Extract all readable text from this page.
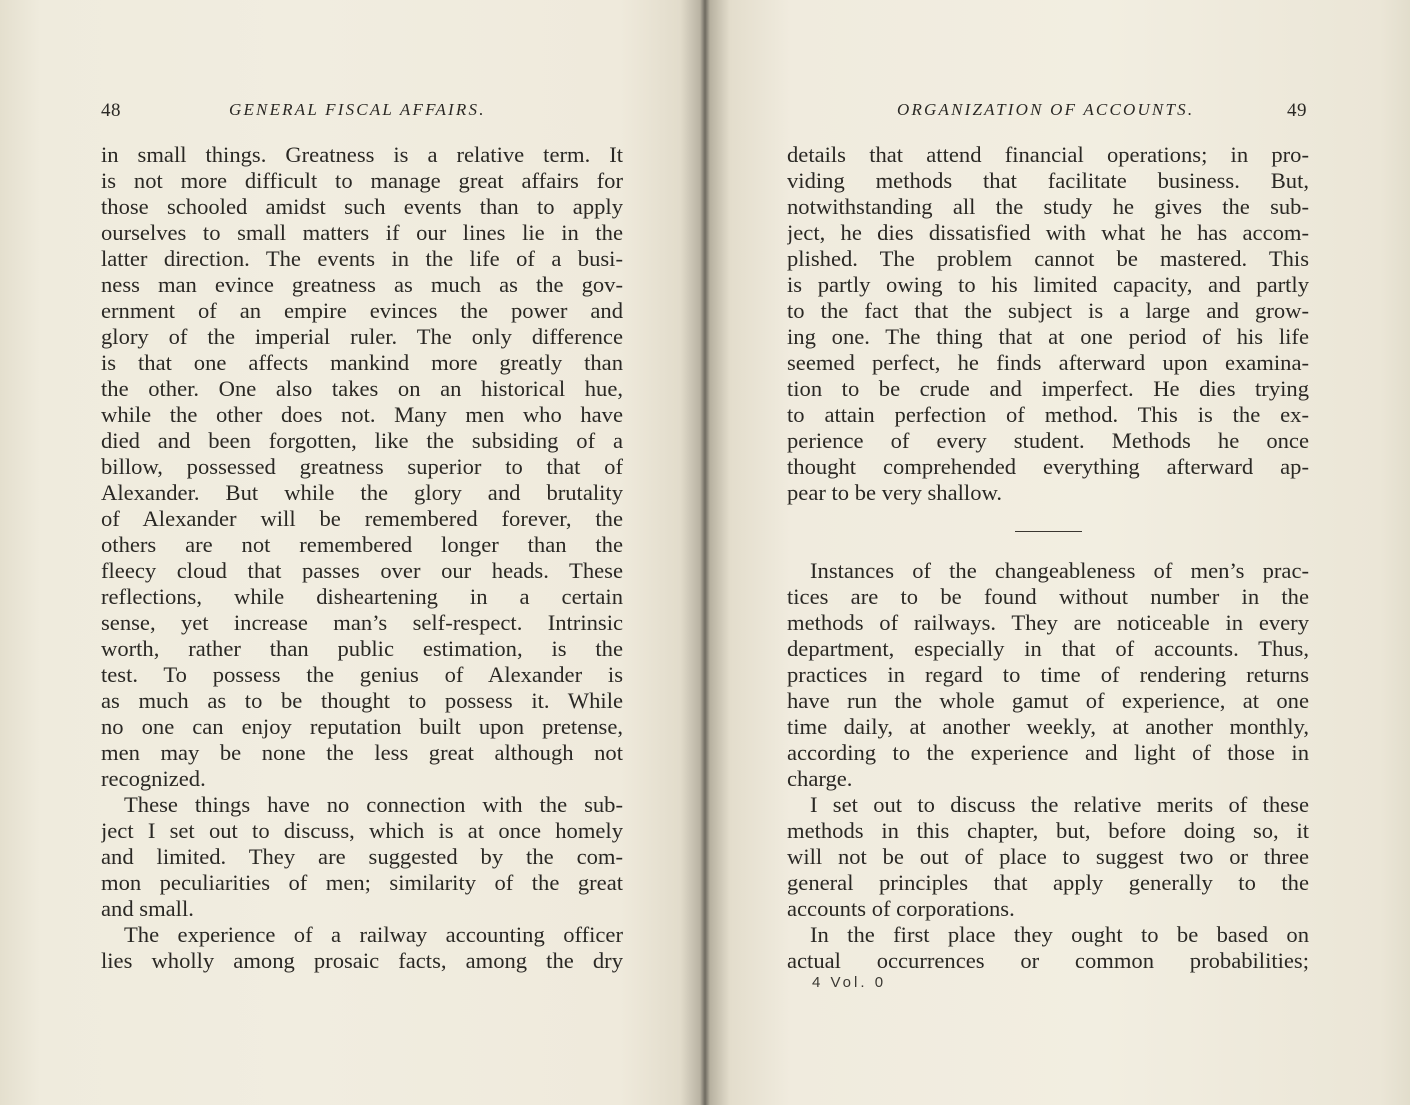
48	GENERAL FISCAL AFFAIRS.
in small things. Greatness is a relative term. It
is not more difficult to manage great affairs for
those schooled amidst such events than to apply
ourselves to small matters if our lines lie in the
latter direction. The events in the life of a busi-
ness man evince greatness as much as the gov-
ernment of an empire evinces the power and
glory of the imperial ruler. The only difference
is that one affects mankind more greatly than
the other. One also takes on an historical hue,
while the other does not. Many men who have
died and been forgotten, like the subsiding of a
billow, possessed greatness superior to that of
Alexander. But while the glory and brutality
of Alexander will be remembered forever, the
others are not remembered longer than the
fleecy cloud that passes over our heads. These
reflections, while disheartening in a certain
sense, yet increase man’s self-respect. Intrinsic
worth, rather than public estimation, is the
test. To possess the genius of Alexander is
as much as to be thought to possess it. While
no one can enjoy reputation built upon pretense,
men may be none the less great although not
recognized.
These things have no connection with the sub-
ject I set out to discuss, which is at once homely
and limited. They are suggested by the com-
mon peculiarities of men; similarity of the great
and small.
The experience of a railway accounting officer
lies wholly among prosaic facts, among the dry
ORGANIZATION OF ACCOUNTS.	49
details that attend financial operations; in pro-
viding methods that facilitate business. But,
notwithstanding all the study he gives the sub-
ject, he dies dissatisfied with what he has accom-
plished. The problem cannot be mastered. This
is partly owing to his limited capacity, and partly
to the fact that the subject is a large and grow-
ing one. The thing that at one period of his life
seemed perfect, he finds afterward upon examina-
tion to be crude and imperfect. He dies trying
to attain perfection of method. This is the ex-
perience of every student. Methods he once
thought comprehended everything afterward ap-
pear to be very shallow.
Instances of the changeableness of men’s prac-
tices are to be found without number in the
methods of railways. They are noticeable in every
department, especially in that of accounts. Thus,
practices in regard to time of rendering returns
have run the whole gamut of experience, at one
time daily, at another weekly, at another monthly,
according to the experience and light of those in
charge.
I set out to discuss the relative merits of these
methods in this chapter, but, before doing so, it
will not be out of place to suggest two or three
general principles that apply generally to the
accounts of corporations.
In the first place they ought to be based on
actual occurrences or common probabilities;
4 Vol. 0
